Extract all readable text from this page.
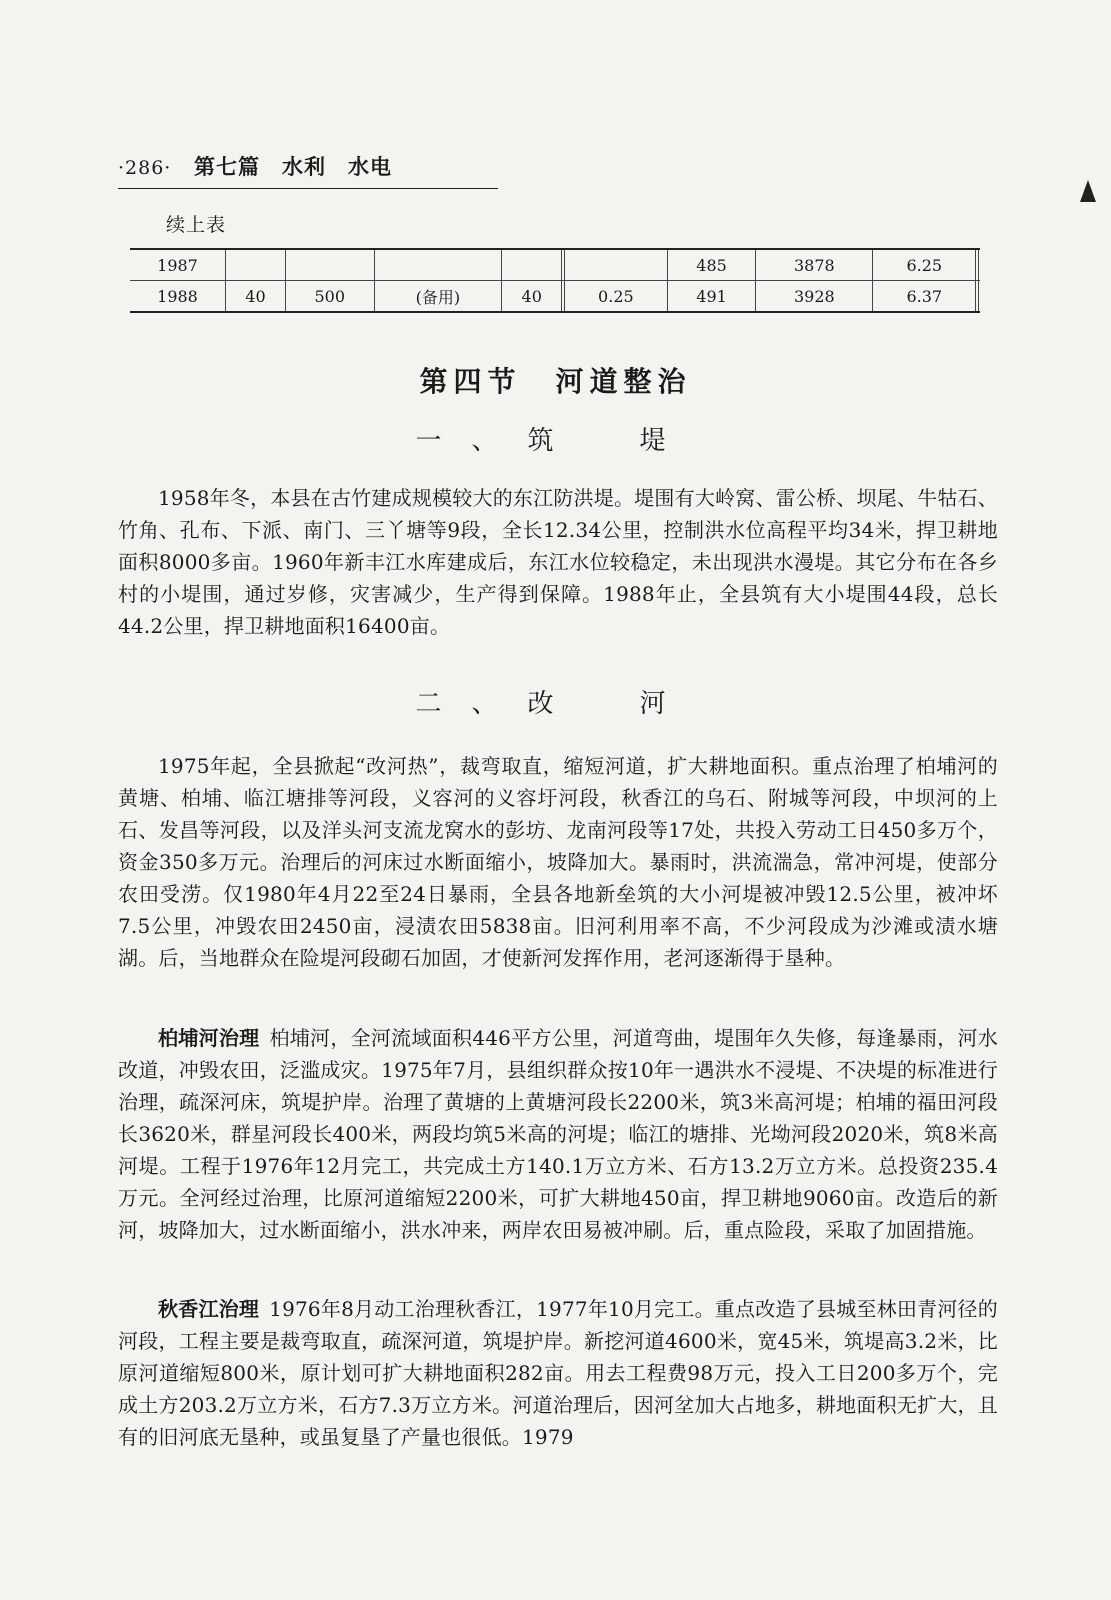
·286· 第七篇　水利　水电
续上表
1987							485	3878	6.25		
1988	40	500	(备用)	40		0.25	491	3928	6.37		
第四节　河道整治
一、筑　堤

1958年冬，本县在古竹建成规模较大的东江防洪堤。堤围有大岭窝、雷公桥、坝尾、牛牯石、竹角、孔布、下派、南门、三丫塘等9段，全长12.34公里，控制洪水位高程平均34米，捍卫耕地面积8000多亩。1960年新丰江水库建成后，东江水位较稳定，未出现洪水漫堤。其它分布在各乡村的小堤围，通过岁修，灾害减少，生产得到保障。1988年止，全县筑有大小堤围44段，总长44.2公里，捍卫耕地面积16400亩。

二、改　河

1975年起，全县掀起“改河热”，裁弯取直，缩短河道，扩大耕地面积。重点治理了柏埔河的黄塘、柏埔、临江塘排等河段，义容河的义容圩河段，秋香江的乌石、附城等河段，中坝河的上石、发昌等河段，以及洋头河支流龙窝水的彭坊、龙南河段等17处，共投入劳动工日450多万个，资金350多万元。治理后的河床过水断面缩小，坡降加大。暴雨时，洪流湍急，常冲河堤，使部分农田受涝。仅1980年4月22至24日暴雨，全县各地新垒筑的大小河堤被冲毁12.5公里，被冲坏7.5公里，冲毁农田2450亩，浸渍农田5838亩。旧河利用率不高，不少河段成为沙滩或渍水塘湖。后，当地群众在险堤河段砌石加固，才使新河发挥作用，老河逐渐得于垦种。

柏埔河治理 柏埔河，全河流域面积446平方公里，河道弯曲，堤围年久失修，每逢暴雨，河水改道，冲毁农田，泛滥成灾。1975年7月，县组织群众按10年一遇洪水不浸堤、不决堤的标准进行治理，疏深河床，筑堤护岸。治理了黄塘的上黄塘河段长2200米，筑3米高河堤；柏埔的福田河段长3620米，群星河段长400米，两段均筑5米高的河堤；临江的塘排、光坳河段2020米，筑8米高河堤。工程于1976年12月完工，共完成土方140.1万立方米、石方13.2万立方米。总投资235.4万元。全河经过治理，比原河道缩短2200米，可扩大耕地450亩，捍卫耕地9060亩。改造后的新河，坡降加大，过水断面缩小，洪水冲来，两岸农田易被冲刷。后，重点险段，采取了加固措施。

秋香江治理 1976年8月动工治理秋香江，1977年10月完工。重点改造了县城至林田青河径的河段，工程主要是裁弯取直，疏深河道，筑堤护岸。新挖河道4600米，宽45米，筑堤高3.2米，比原河道缩短800米，原计划可扩大耕地面积282亩。用去工程费98万元，投入工日200多万个，完成土方203.2万立方米，石方7.3万立方米。河道治理后，因河坌加大占地多，耕地面积无扩大，且有的旧河底无垦种，或虽复垦了产量也很低。1979
